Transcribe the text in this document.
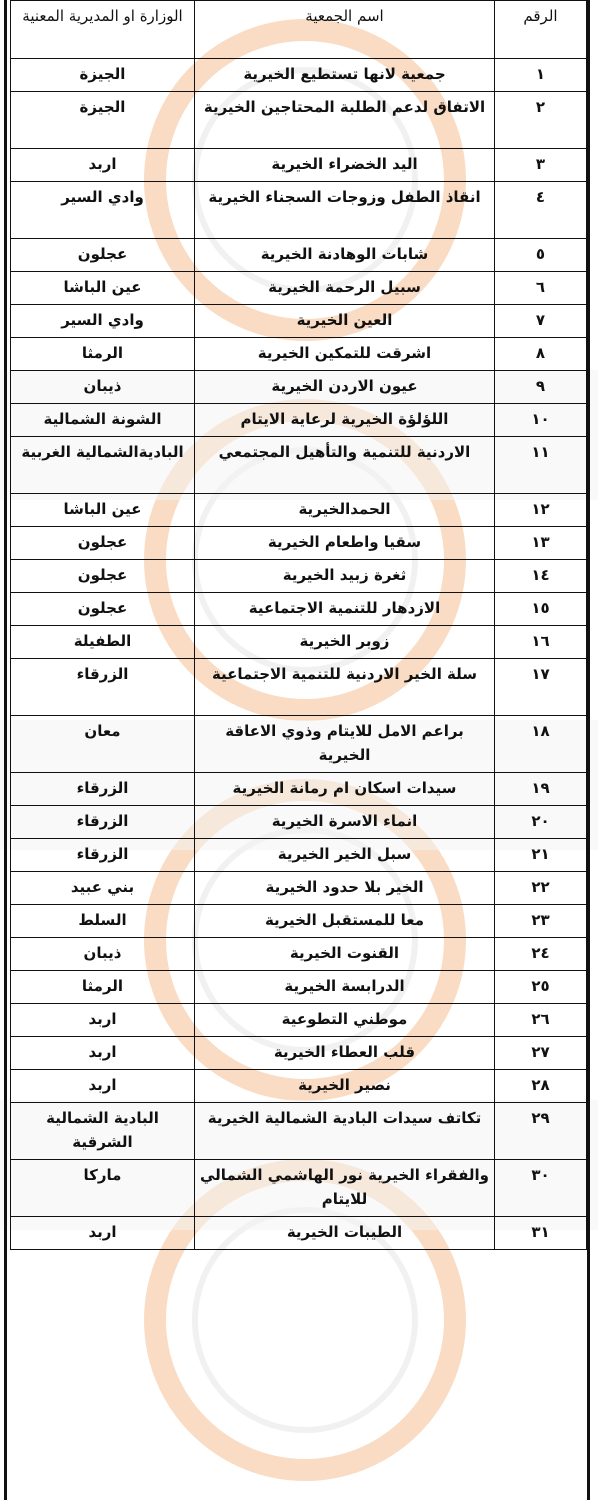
الرقم	اسم الجمعية	الوزارة او المديرية المعنية
١	جمعية لانها تستطيع الخيرية	الجيزة
٢	الاتفاق لدعم الطلبة المحتاجين الخيرية	الجيزة
٣	اليد الخضراء الخيرية	اربد
٤	انقاذ الطفل وزوجات السجناء الخيرية	وادي السير
٥	شابات الوهادنة الخيرية	عجلون
٦	سبيل الرحمة الخيرية	عين الباشا
٧	العين الخيرية	وادي السير
٨	اشرقت للتمكين الخيرية	الرمثا
٩	عيون الاردن الخيرية	ذيبان
١٠	اللؤلؤة الخيرية لرعاية الايتام	الشونة الشمالية
١١	الاردنية للتنمية والتأهيل المجتمعي	الباديةالشمالية الغربية
١٢	الحمدالخيرية	عين الباشا
١٣	سقيا واطعام الخيرية	عجلون
١٤	ثغرة زبيد الخيرية	عجلون
١٥	الازدهار للتنمية الاجتماعية	عجلون
١٦	زوبر الخيرية	الطفيلة
١٧	سلة الخير الاردنية للتنمية الاجتماعية	الزرقاء
١٨	براعم الامل للايتام وذوي الاعاقة الخيرية	معان
١٩	سيدات اسكان ام رمانة الخيرية	الزرقاء
٢٠	انماء الاسرة الخيرية	الزرقاء
٢١	سبل الخير الخيرية	الزرقاء
٢٢	الخير بلا حدود الخيرية	بني عبيد
٢٣	معا للمستقبل الخيرية	السلط
٢٤	القنوت الخيرية	ذيبان
٢٥	الدرابسة الخيرية	الرمثا
٢٦	موطني التطوعية	اربد
٢٧	قلب العطاء الخيرية	اربد
٢٨	نصير الخيرية	اربد
٢٩	تكاتف سيدات البادية الشمالية الخيرية	البادية الشمالية الشرقية
٣٠	والفقراء الخيرية نور الهاشمي الشمالي للايتام	ماركا
٣١	الطيبات الخيرية	اربد
